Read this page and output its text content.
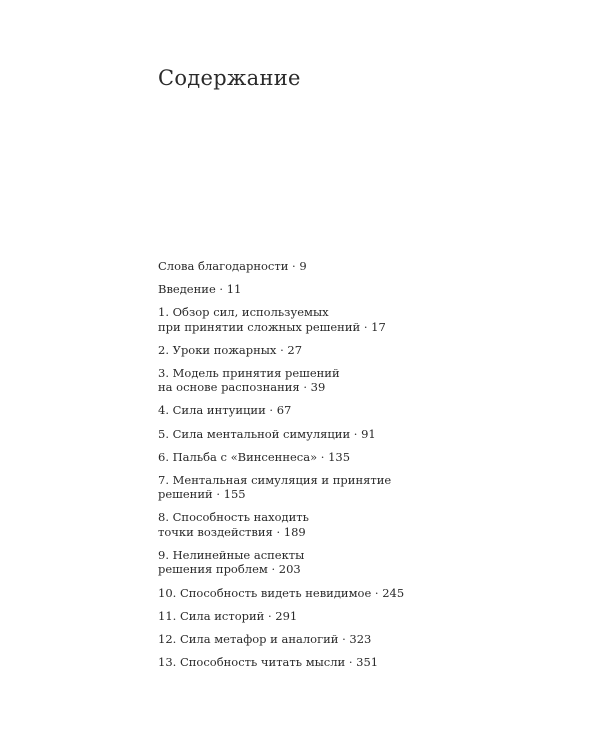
Содержание
Слова благодарности · 9
Введение · 11
1. Обзор сил, используемых
при принятии сложных решений · 17
2. Уроки пожарных · 27
3. Модель принятия решений
на основе распознания · 39
4. Сила интуиции · 67
5. Сила ментальной симуляции · 91
6. Пальба с «Винсеннеса» · 135
7. Ментальная симуляция и принятие
решений · 155
8. Способность находить
точки воздействия · 189
9. Нелинейные аспекты
решения проблем · 203
10. Способность видеть невидимое · 245
11. Сила историй · 291
12. Сила метафор и аналогий · 323
13. Способность читать мысли · 351
